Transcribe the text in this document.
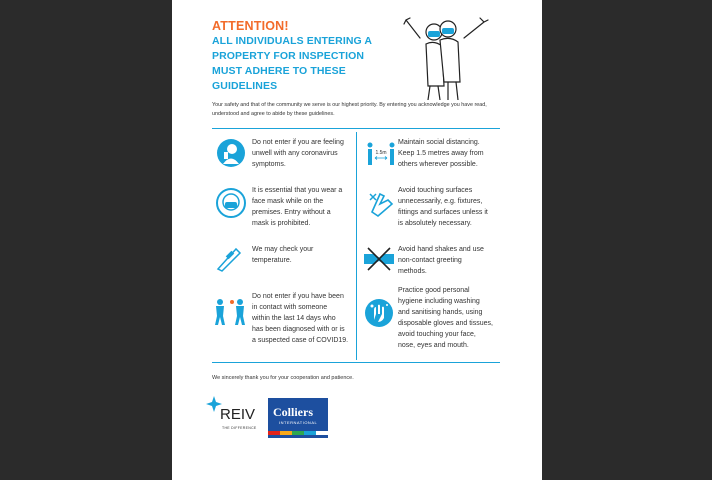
ATTENTION!
ALL INDIVIDUALS ENTERING A
PROPERTY FOR INSPECTION
MUST ADHERE TO THESE
GUIDELINES
Your safety and that of the community we serve is our highest priority. By entering you acknowledge you have read, understood and agree to abide by these guidelines.
Do not enter if you are feeling
unwell with any coronavirus
symptoms.
It is essential that you wear a
face mask while on the
premises. Entry without a
mask is prohibited.
We may check your
temperature.
Do not enter if you have been
in contact with someone
within the last 14 days who
has been diagnosed with or is
a suspected case of COVID19.
1.5m
Maintain social distancing.
Keep 1.5 metres away from
others wherever possible.
Avoid touching surfaces
unnecessarily, e.g. fixtures,
fittings and surfaces unless it
is absolutely necessary.
Avoid hand shakes and use
non-contact greeting
methods.
Practice good personal
hygiene including washing
and sanitising hands, using
disposable gloves and tissues,
avoid touching your face,
nose, eyes and mouth.
We sincerely thank you for your cooperation and patience.
REIV
THE DIFFERENCE
Colliers
INTERNATIONAL
